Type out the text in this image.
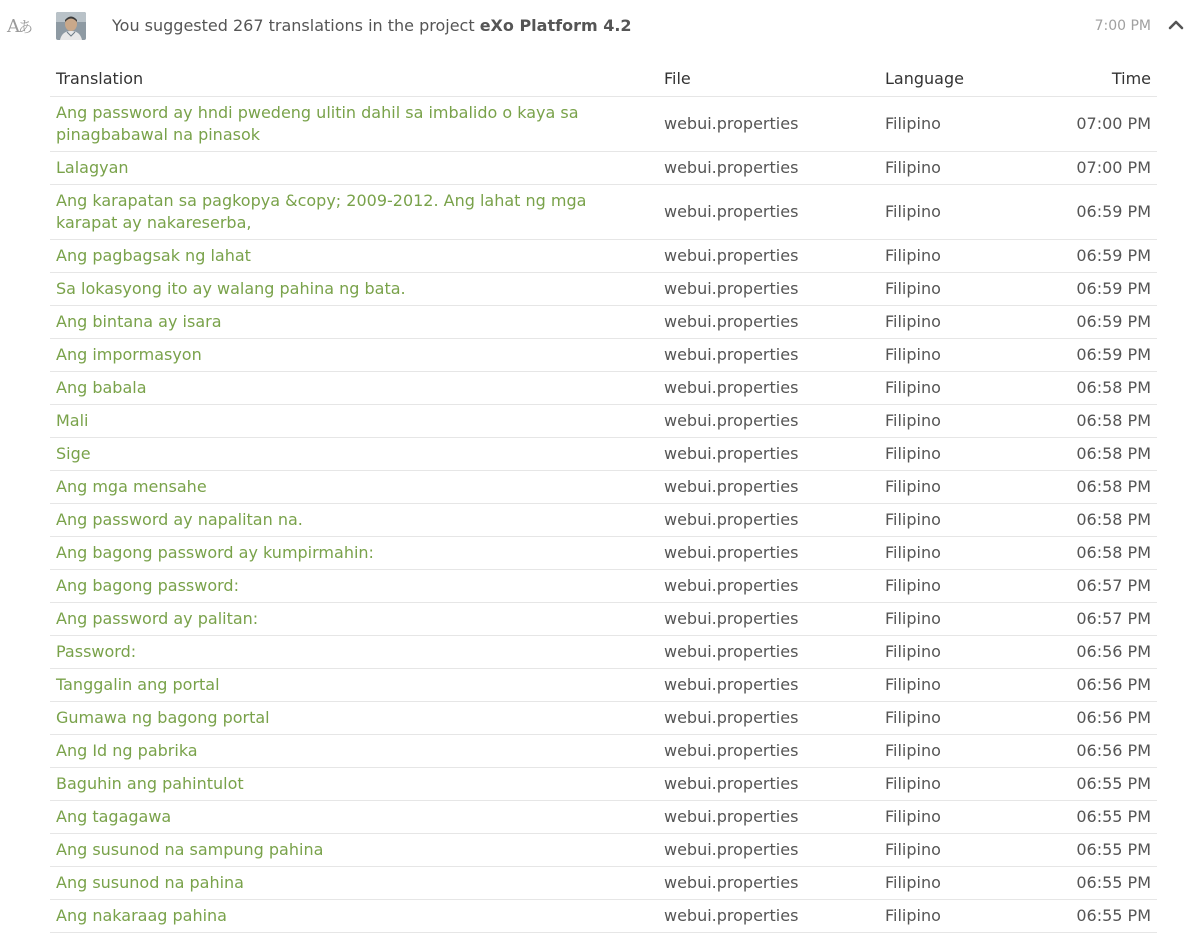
Aあ	You suggested 267 translations in the project eXo Platform 4.2	7:00 PM
Translation	File	Language	Time
Ang password ay hndi pwedeng ulitin dahil sa imbalido o kaya sa pinagbabawal na pinasok	webui.properties	Filipino	07:00 PM
Lalagyan	webui.properties	Filipino	07:00 PM
Ang karapatan sa pagkopya &copy; 2009-2012. Ang lahat ng mga karapat ay nakareserba,	webui.properties	Filipino	06:59 PM
Ang pagbagsak ng lahat	webui.properties	Filipino	06:59 PM
Sa lokasyong ito ay walang pahina ng bata.	webui.properties	Filipino	06:59 PM
Ang bintana ay isara	webui.properties	Filipino	06:59 PM
Ang impormasyon	webui.properties	Filipino	06:59 PM
Ang babala	webui.properties	Filipino	06:58 PM
Mali	webui.properties	Filipino	06:58 PM
Sige	webui.properties	Filipino	06:58 PM
Ang mga mensahe	webui.properties	Filipino	06:58 PM
Ang password ay napalitan na.	webui.properties	Filipino	06:58 PM
Ang bagong password ay kumpirmahin:	webui.properties	Filipino	06:58 PM
Ang bagong password:	webui.properties	Filipino	06:57 PM
Ang password ay palitan:	webui.properties	Filipino	06:57 PM
Password:	webui.properties	Filipino	06:56 PM
Tanggalin ang portal	webui.properties	Filipino	06:56 PM
Gumawa ng bagong portal	webui.properties	Filipino	06:56 PM
Ang Id ng pabrika	webui.properties	Filipino	06:56 PM
Baguhin ang pahintulot	webui.properties	Filipino	06:55 PM
Ang tagagawa	webui.properties	Filipino	06:55 PM
Ang susunod na sampung pahina	webui.properties	Filipino	06:55 PM
Ang susunod na pahina	webui.properties	Filipino	06:55 PM
Ang nakaraag pahina	webui.properties	Filipino	06:55 PM
